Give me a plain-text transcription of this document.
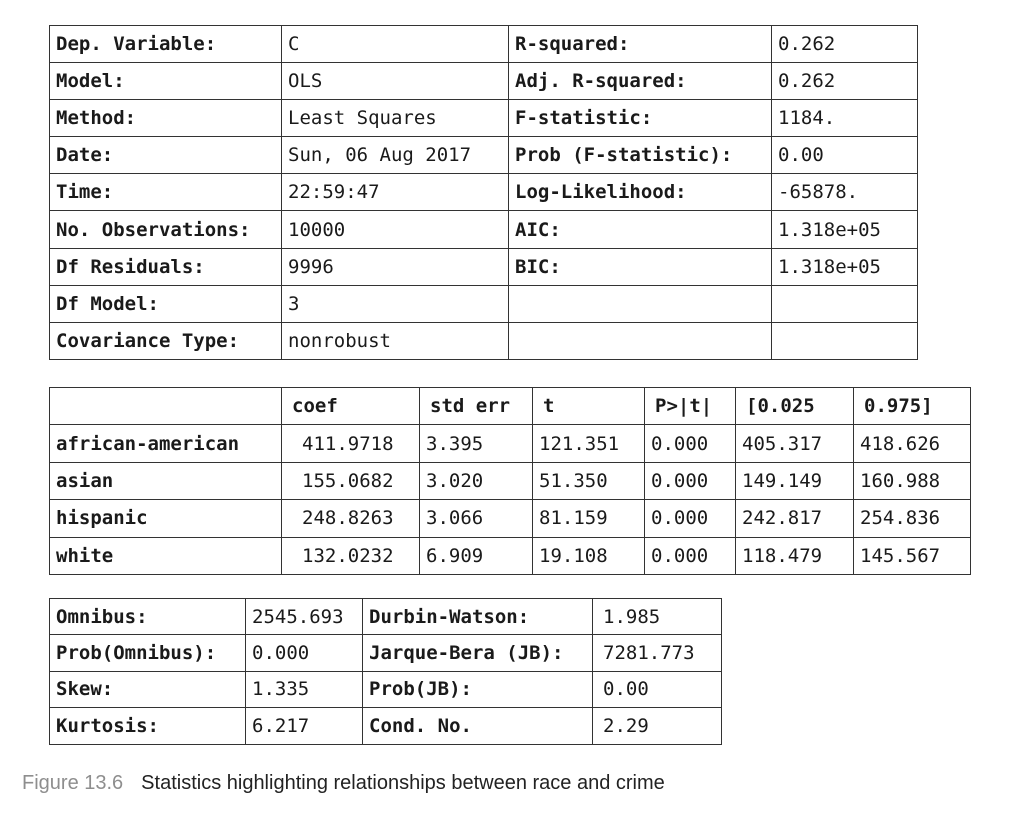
Dep. Variable:	C	R-squared:	0.262
Model:	OLS	Adj. R-squared:	0.262
Method:	Least Squares	F-statistic:	1184.
Date:	Sun, 06 Aug 2017	Prob (F-statistic):	0.00
Time:	22:59:47	Log-Likelihood:	-65878.
No. Observations:	10000	AIC:	1.318e+05
Df Residuals:	9996	BIC:	1.318e+05
Df Model:	3		
Covariance Type:	nonrobust		
	coef	std err	t	P>|t|	[0.025	0.975]
african-american	411.9718	3.395	121.351	0.000	405.317	418.626
asian	155.0682	3.020	51.350	0.000	149.149	160.988
hispanic	248.8263	3.066	81.159	0.000	242.817	254.836
white	132.0232	6.909	19.108	0.000	118.479	145.567
Omnibus:	2545.693	Durbin-Watson:	1.985
Prob(Omnibus):	0.000	Jarque-Bera (JB):	7281.773
Skew:	1.335	Prob(JB):	0.00
Kurtosis:	6.217	Cond. No.	2.29
Figure 13.6 Statistics highlighting relationships between race and crime
